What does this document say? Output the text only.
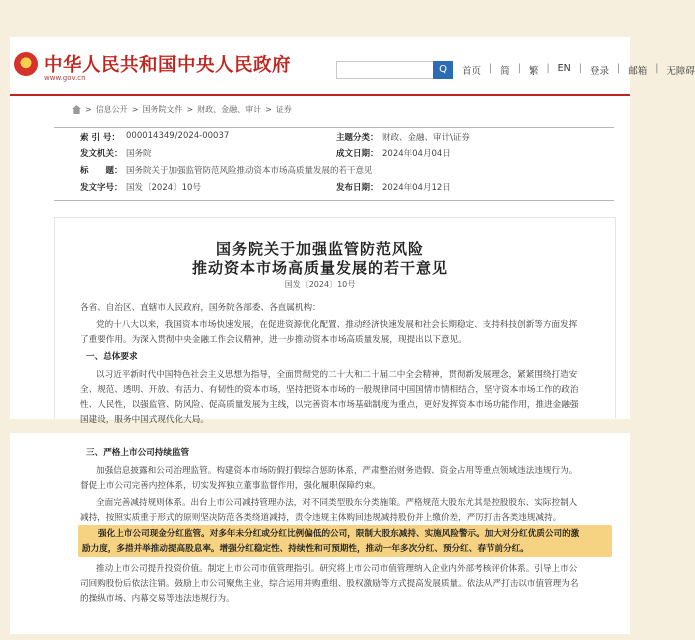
中华人民共和国中央人民政府
www.gov.cn
Q	首页 | 简 | 繁 | EN | 登录 | 邮箱 | 无障碍
> 信息公开 > 国务院文件 > 财政、金融、审计 > 证券
索 引 号： 000014349/2024-00037	主题分类： 财政、金融、审计\证券
发文机关： 国务院	成文日期： 2024年04月04日
标　　题： 国务院关于加强监管防范风险推动资本市场高质量发展的若干意见
发文字号： 国发〔2024〕10号	发布日期： 2024年04月12日
国务院关于加强监管防范风险
推动资本市场高质量发展的若干意见
国发〔2024〕10号
各省、自治区、直辖市人民政府，国务院各部委、各直属机构：
党的十八大以来，我国资本市场快速发展，在促进资源优化配置、推动经济快速发展和社会长期稳定、支持科技创新等方面发挥
了重要作用。为深入贯彻中央金融工作会议精神，进一步推动资本市场高质量发展，现提出以下意见。
一、总体要求
以习近平新时代中国特色社会主义思想为指导，全面贯彻党的二十大和二十届二中全会精神，贯彻新发展理念，紧紧围绕打造安
全、规范、透明、开放、有活力、有韧性的资本市场，坚持把资本市场的一般规律同中国国情市情相结合，坚守资本市场工作的政治
性、人民性，以强监管、防风险、促高质量发展为主线，以完善资本市场基础制度为重点，更好发挥资本市场功能作用，推进金融强
国建设，服务中国式现代化大局。
三、严格上市公司持续监管
加强信息披露和公司治理监管。构建资本市场防假打假综合惩防体系，严肃整治财务造假、资金占用等重点领域违法违规行为。
督促上市公司完善内控体系，切实发挥独立董事监督作用，强化履职保障约束。
全面完善减持规则体系。出台上市公司减持管理办法，对不同类型股东分类施策。严格规范大股东尤其是控股股东、实际控制人
减持，按照实质重于形式的原则坚决防范各类绕道减持，责令违规主体购回违规减持股份并上缴价差，严厉打击各类违规减持。
强化上市公司现金分红监管。对多年未分红或分红比例偏低的公司，限制大股东减持、实施风险警示。加大对分红优质公司的激
励力度，多措并举推动提高股息率。增强分红稳定性、持续性和可预期性，推动一年多次分红、预分红、春节前分红。
推动上市公司提升投资价值。制定上市公司市值管理指引。研究将上市公司市值管理纳入企业内外部考核评价体系。引导上市公
司回购股份后依法注销。鼓励上市公司聚焦主业，综合运用并购重组、股权激励等方式提高发展质量。依法从严打击以市值管理为名
的操纵市场、内幕交易等违法违规行为。
